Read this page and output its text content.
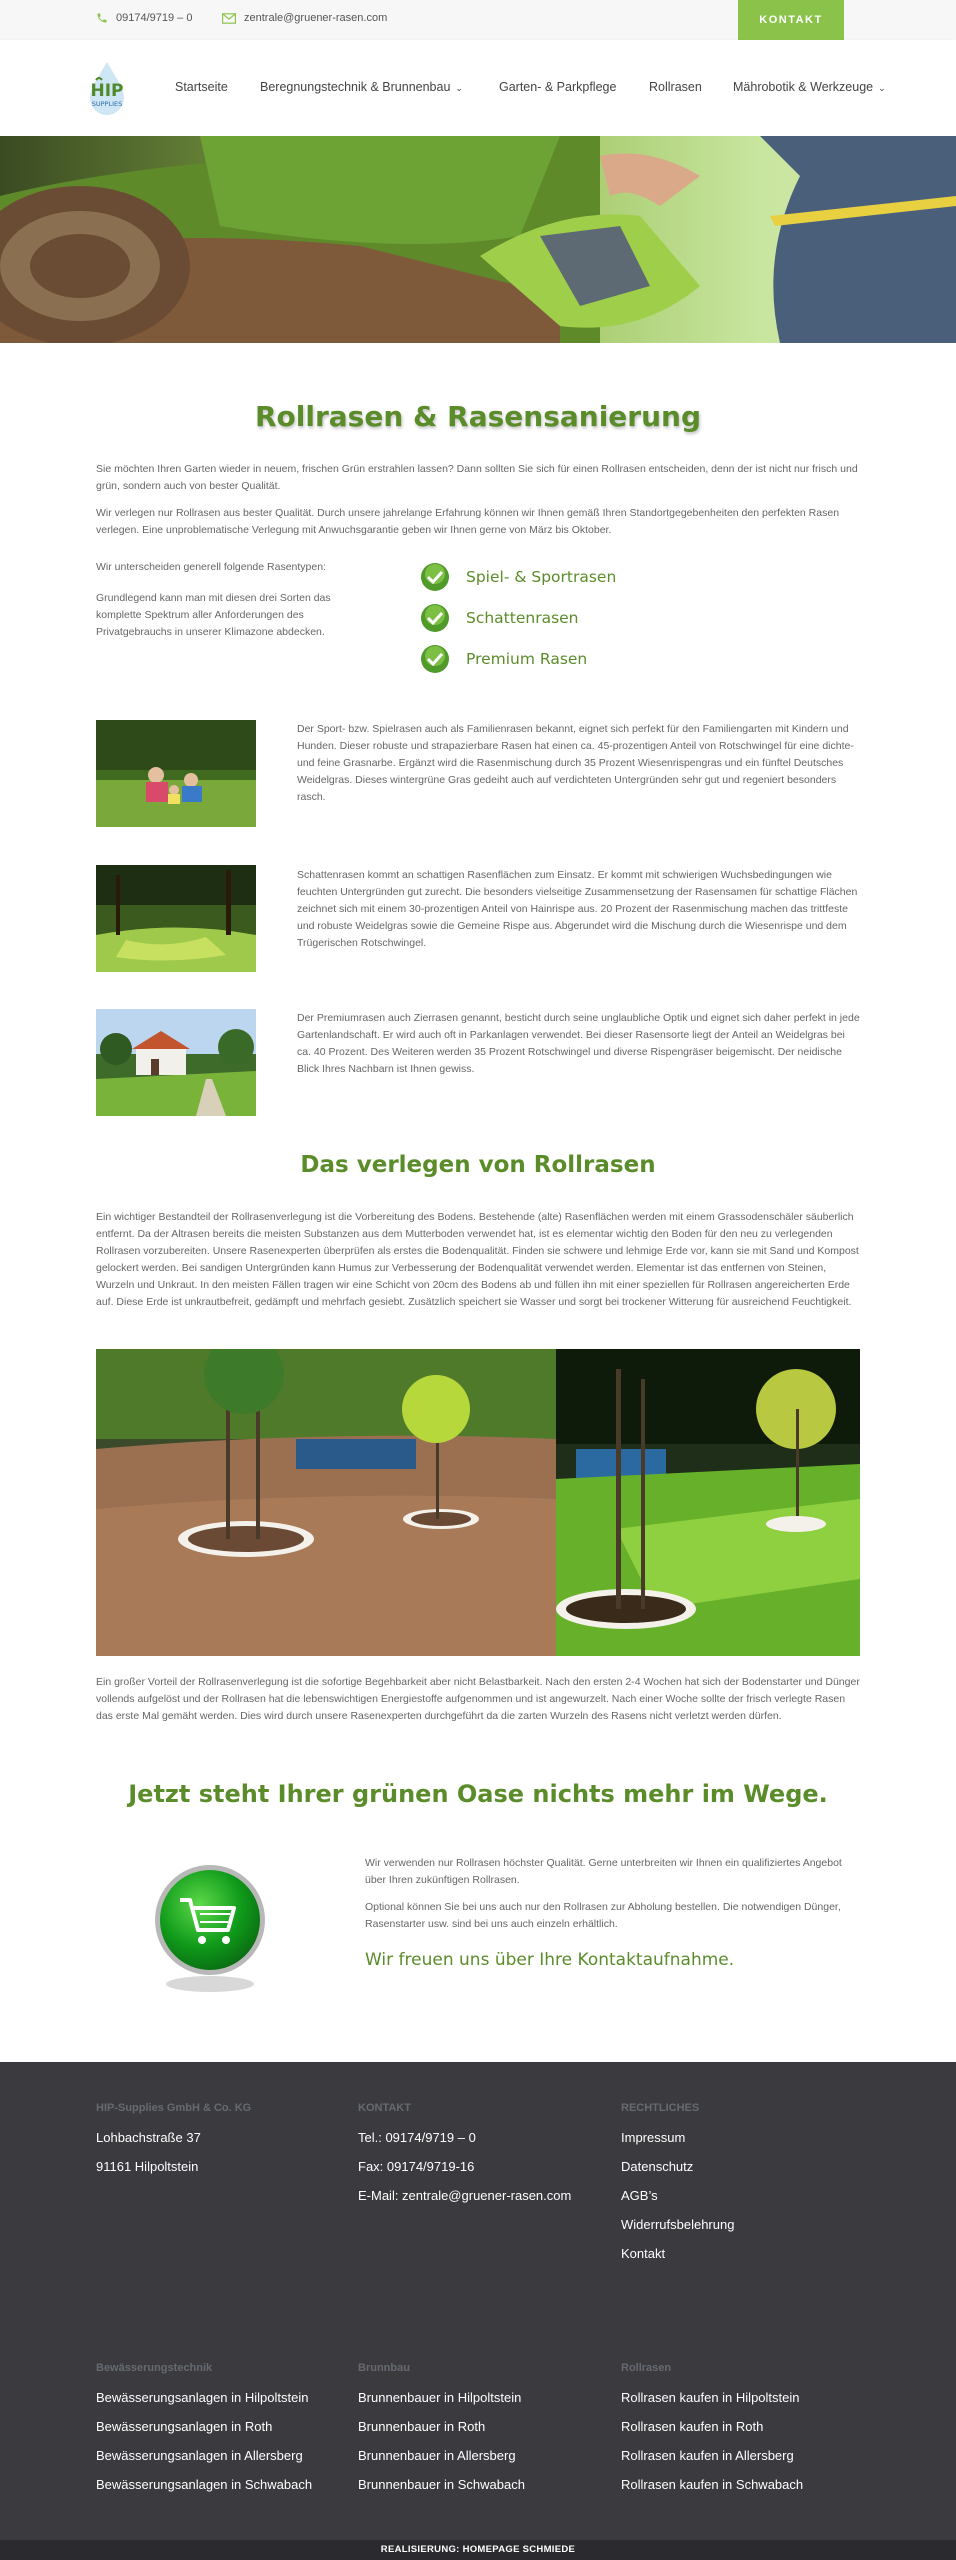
09174/9719 – 0	zentrale@gruener-rasen.com	KONTAKT
HIP
SUPPLIES
Startseite	Beregnungstechnik & Brunnenbau ⌄	Garten- & Parkpflege	Rollrasen Mährobotik & Werkzeuge ⌄
Rollrasen & Rasensanierung
Sie möchten Ihren Garten wieder in neuem, frischen Grün erstrahlen lassen? Dann sollten Sie sich für einen Rollrasen entscheiden, denn der ist nicht nur frisch und grün, sondern auch von bester Qualität.
Wir verlegen nur Rollrasen aus bester Qualität. Durch unsere jahrelange Erfahrung können wir Ihnen gemäß Ihren Standortgegebenheiten den perfekten Rasen verlegen. Eine unproblematische Verlegung mit Anwuchsgarantie geben wir Ihnen gerne von März bis Oktober.
Wir unterscheiden generell folgende Rasentypen:
Grundlegend kann man mit diesen drei Sorten das komplette Spektrum aller Anforderungen des Privatgebrauchs in unserer Klimazone abdecken.
Spiel- & Sportrasen
Schattenrasen
Premium Rasen
Der Sport- bzw. Spielrasen auch als Familienrasen bekannt, eignet sich perfekt für den Familiengarten mit Kindern und Hunden. Dieser robuste und strapazierbare Rasen hat einen ca. 45-prozentigen Anteil von Rotschwingel für eine dichte- und feine Grasnarbe. Ergänzt wird die Rasenmischung durch 35 Prozent Wiesenrispengras und ein fünftel Deutsches Weidelgras. Dieses wintergrüne Gras gedeiht auch auf verdichteten Untergründen sehr gut und regeniert besonders rasch.
Schattenrasen kommt an schattigen Rasenflächen zum Einsatz. Er kommt mit schwierigen Wuchsbedingungen wie feuchten Untergründen gut zurecht. Die besonders vielseitige Zusammensetzung der Rasensamen für schattige Flächen zeichnet sich mit einem 30-prozentigen Anteil von Hainrispe aus. 20 Prozent der Rasenmischung machen das trittfeste und robuste Weidelgras sowie die Gemeine Rispe aus. Abgerundet wird die Mischung durch die Wiesenrispe und dem Trügerischen Rotschwingel.
Der Premiumrasen auch Zierrasen genannt, besticht durch seine unglaubliche Optik und eignet sich daher perfekt in jede Gartenlandschaft. Er wird auch oft in Parkanlagen verwendet. Bei dieser Rasensorte liegt der Anteil an Weidelgras bei ca. 40 Prozent. Des Weiteren werden 35 Prozent Rotschwingel und diverse Rispengräser beigemischt. Der neidische Blick Ihres Nachbarn ist Ihnen gewiss.
Das verlegen von Rollrasen
Ein wichtiger Bestandteil der Rollrasenverlegung ist die Vorbereitung des Bodens. Bestehende (alte) Rasenflächen werden mit einem Grassodenschäler säuberlich entfernt. Da der Altrasen bereits die meisten Substanzen aus dem Mutterboden verwendet hat, ist es elementar wichtig den Boden für den neu zu verlegenden Rollrasen vorzubereiten. Unsere Rasenexperten überprüfen als erstes die Bodenqualität. Finden sie schwere und lehmige Erde vor, kann sie mit Sand und Kompost gelockert werden. Bei sandigen Untergründen kann Humus zur Verbesserung der Bodenqualität verwendet werden. Elementar ist das entfernen von Steinen, Wurzeln und Unkraut. In den meisten Fällen tragen wir eine Schicht von 20cm des Bodens ab und füllen ihn mit einer speziellen für Rollrasen angereicherten Erde auf. Diese Erde ist unkrautbefreit, gedämpft und mehrfach gesiebt. Zusätzlich speichert sie Wasser und sorgt bei trockener Witterung für ausreichend Feuchtigkeit.
Ein großer Vorteil der Rollrasenverlegung ist die sofortige Begehbarkeit aber nicht Belastbarkeit. Nach den ersten 2-4 Wochen hat sich der Bodenstarter und Dünger vollends aufgelöst und der Rollrasen hat die lebenswichtigen Energiestoffe aufgenommen und ist angewurzelt. Nach einer Woche sollte der frisch verlegte Rasen das erste Mal gemäht werden. Dies wird durch unsere Rasenexperten durchgeführt da die zarten Wurzeln des Rasens nicht verletzt werden dürfen.
Jetzt steht Ihrer grünen Oase nichts mehr im Wege.
Wir verwenden nur Rollrasen höchster Qualität. Gerne unterbreiten wir Ihnen ein qualifiziertes Angebot über Ihren zukünftigen Rollrasen.
Optional können Sie bei uns auch nur den Rollrasen zur Abholung bestellen. Die notwendigen Dünger, Rasenstarter usw. sind bei uns auch einzeln erhältlich.
Wir freuen uns über Ihre Kontaktaufnahme.
HIP-Supplies GmbH & Co. KG
Lohbachstraße 37
91161 Hilpoltstein
KONTAKT
Tel.: 09174/9719 – 0
Fax: 09174/9719-16
E-Mail: zentrale@gruener-rasen.com
RECHTLICHES
Impressum
Datenschutz
AGB’s
Widerrufsbelehrung
Kontakt
Bewässerungstechnik
Bewässerungsanlagen in Hilpoltstein
Bewässerungsanlagen in Roth
Bewässerungsanlagen in Allersberg
Bewässerungsanlagen in Schwabach
Brunnbau
Brunnenbauer in Hilpoltstein
Brunnenbauer in Roth
Brunnenbauer in Allersberg
Brunnenbauer in Schwabach
Rollrasen
Rollrasen kaufen in Hilpoltstein
Rollrasen kaufen in Roth
Rollrasen kaufen in Allersberg
Rollrasen kaufen in Schwabach
REALISIERUNG: HOMEPAGE SCHMIEDE
